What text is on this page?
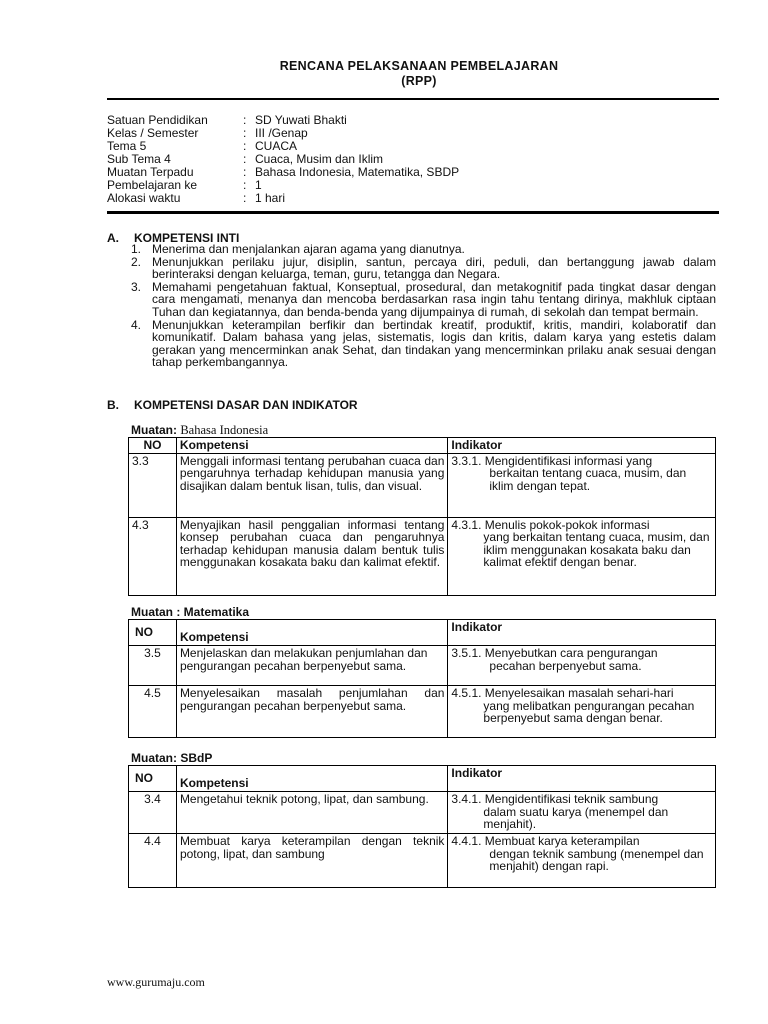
RENCANA PELAKSANAAN PEMBELAJARAN
(RPP)
Satuan Pendidikan	: SD Yuwati Bhakti
Kelas / Semester	: III /Genap
Tema 5	: CUACA
Sub Tema 4	: Cuaca, Musim dan Iklim
Muatan Terpadu	: Bahasa Indonesia, Matematika, SBDP
Pembelajaran ke	: 1
Alokasi waktu	: 1 hari
A. KOMPETENSI INTI
1. Menerima dan menjalankan ajaran agama yang dianutnya.
2. Menunjukkan perilaku jujur, disiplin, santun, percaya diri, peduli, dan bertanggung jawab dalam berinteraksi dengan keluarga, teman, guru, tetangga dan Negara.
3. Memahami pengetahuan faktual, Konseptual, prosedural, dan metakognitif pada tingkat dasar dengan cara mengamati, menanya dan mencoba berdasarkan rasa ingin tahu tentang dirinya, makhluk ciptaan Tuhan dan kegiatannya, dan benda-benda yang dijumpainya di rumah, di sekolah dan tempat bermain.
4. Menunjukkan keterampilan berfikir dan bertindak kreatif, produktif, kritis, mandiri, kolaboratif dan komunikatif. Dalam bahasa yang jelas, sistematis, logis dan kritis, dalam karya yang estetis dalam gerakan yang mencerminkan anak Sehat, dan tindakan yang mencerminkan prilaku anak sesuai dengan tahap perkembangannya.
B. KOMPETENSI DASAR DAN INDIKATOR
Muatan: Bahasa Indonesia
NO	Kompetensi	Indikator
3.3	Menggali informasi tentang perubahan cuaca dan pengaruhnya terhadap kehidupan manusia yang disajikan dalam bentuk lisan, tulis, dan visual.	3.3.1. Mengidentifikasi informasi yang
berkaitan tentang cuaca, musim, dan iklim dengan tepat.

4.3	Menyajikan hasil penggalian informasi tentang konsep perubahan cuaca dan pengaruhnya terhadap kehidupan manusia dalam bentuk tulis menggunakan kosakata baku dan kalimat efektif.	4.3.1. Menulis pokok-pokok informasi
yang berkaitan tentang cuaca, musim, dan iklim menggunakan kosakata baku dan kalimat efektif dengan benar.
Muatan : Matematika
NO	Kompetensi	Indikator
3.5	Menjelaskan dan melakukan penjumlahan dan pengurangan pecahan berpenyebut sama.	3.5.1. Menyebutkan cara pengurangan
pecahan berpenyebut sama.

4.5	Menyelesaikan masalah penjumlahan dan pengurangan pecahan berpenyebut sama.	4.5.1. Menyelesaikan masalah sehari-hari
yang melibatkan pengurangan pecahan berpenyebut sama dengan benar.
Muatan: SBdP
NO	Kompetensi	Indikator
3.4	Mengetahui teknik potong, lipat, dan sambung.	3.4.1. Mengidentifikasi teknik sambung
dalam suatu karya (menempel dan menjahit).

4.4	Membuat karya keterampilan dengan teknik potong, lipat, dan sambung	4.4.1. Membuat karya keterampilan
dengan teknik sambung (menempel dan menjahit) dengan rapi.
www.gurumaju.com
